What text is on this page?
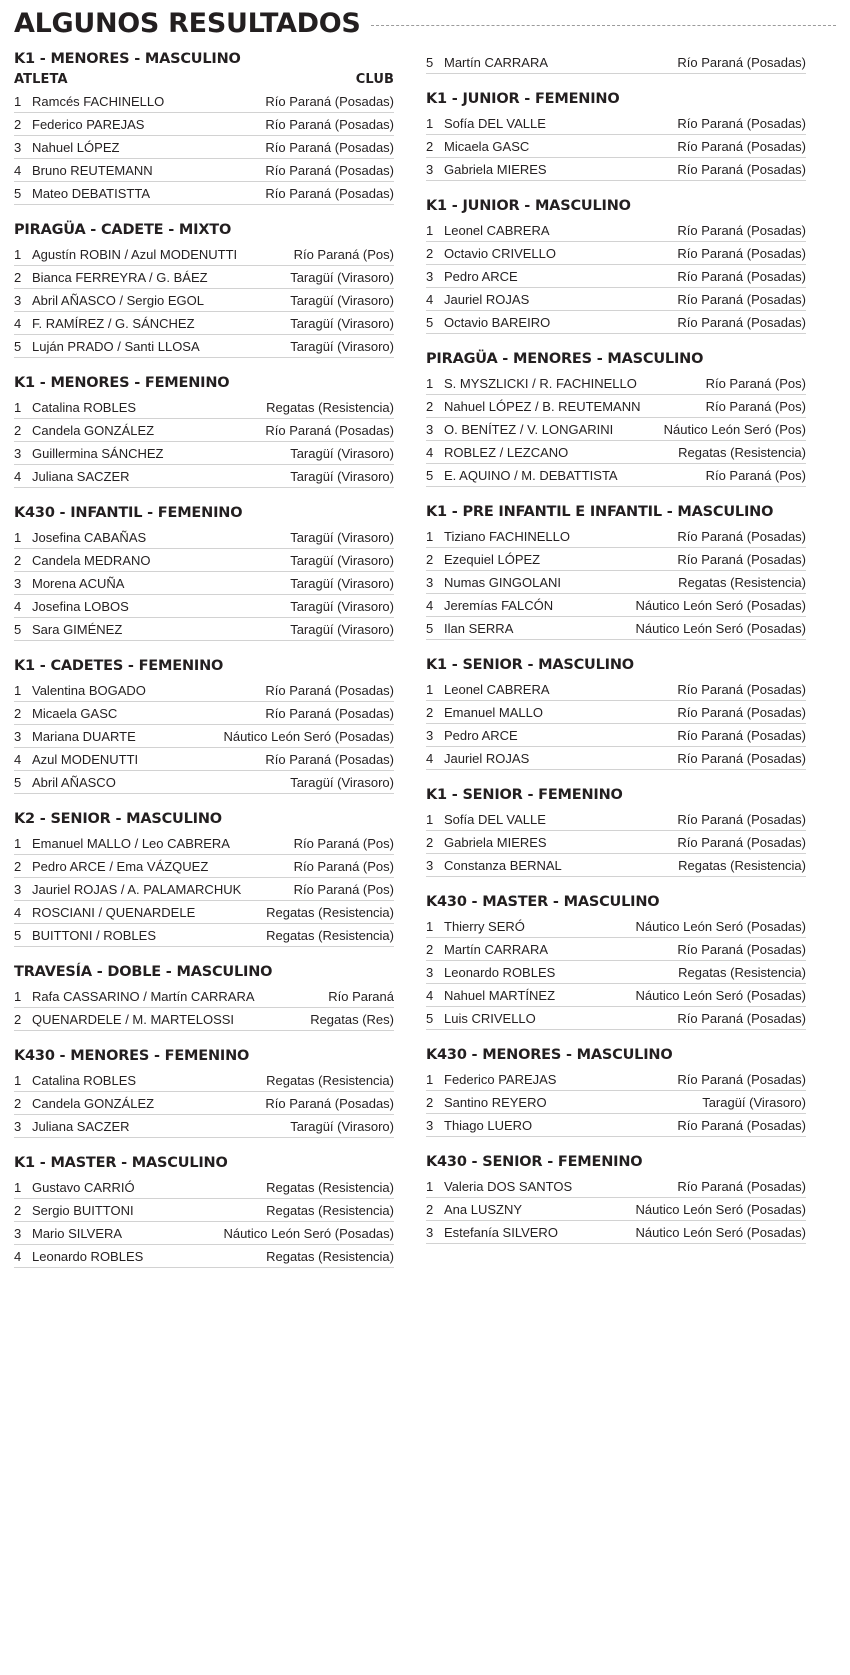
ALGUNOS RESULTADOS
K1 - MENORES - MASCULINO
ATLETA	CLUB
1 Ramcés FACHINELLO	Río Paraná (Posadas)
2 Federico PAREJAS	Río Paraná (Posadas)
3 Nahuel LÓPEZ	Río Paraná (Posadas)
4 Bruno REUTEMANN	Río Paraná (Posadas)
5 Mateo DEBATISTTA	Río Paraná (Posadas)
PIRAGÜA - CADETE - MIXTO
1 Agustín ROBIN / Azul MODENUTTI	Río Paraná (Pos)
2 Bianca FERREYRA / G. BÁEZ	Taragüí (Virasoro)
3 Abril AÑASCO / Sergio EGOL	Taragüí (Virasoro)
4 F. RAMÍREZ / G. SÁNCHEZ	Taragüí (Virasoro)
5 Luján PRADO / Santi LLOSA	Taragüí (Virasoro)
K1 - MENORES - FEMENINO
1 Catalina ROBLES	Regatas (Resistencia)
2 Candela GONZÁLEZ	Río Paraná (Posadas)
3 Guillermina SÁNCHEZ	Taragüí (Virasoro)
4 Juliana SACZER	Taragüí (Virasoro)
K430 - INFANTIL - FEMENINO
1 Josefina CABAÑAS	Taragüí (Virasoro)
2 Candela MEDRANO	Taragüí (Virasoro)
3 Morena ACUÑA	Taragüí (Virasoro)
4 Josefina LOBOS	Taragüí (Virasoro)
5 Sara GIMÉNEZ	Taragüí (Virasoro)
K1 - CADETES - FEMENINO
1 Valentina BOGADO	Río Paraná (Posadas)
2 Micaela GASC	Río Paraná (Posadas)
3 Mariana DUARTE	Náutico León Seró (Posadas)
4 Azul MODENUTTI	Río Paraná (Posadas)
5 Abril AÑASCO	Taragüí (Virasoro)
K2 - SENIOR - MASCULINO
1 Emanuel MALLO / Leo CABRERA	Río Paraná (Pos)
2 Pedro ARCE / Ema VÁZQUEZ	Río Paraná (Pos)
3 Jauriel ROJAS / A. PALAMARCHUK	Río Paraná (Pos)
4 ROSCIANI / QUENARDELE	Regatas (Resistencia)
5 BUITTONI / ROBLES	Regatas (Resistencia)
TRAVESÍA - DOBLE - MASCULINO
1 Rafa CASSARINO / Martín CARRARA	Río Paraná
2 QUENARDELE / M. MARTELOSSI	Regatas (Res)
K430 - MENORES - FEMENINO
1 Catalina ROBLES	Regatas (Resistencia)
2 Candela GONZÁLEZ	Río Paraná (Posadas)
3 Juliana SACZER	Taragüí (Virasoro)
K1 - MASTER - MASCULINO
1 Gustavo CARRIÓ	Regatas (Resistencia)
2 Sergio BUITTONI	Regatas (Resistencia)
3 Mario SILVERA	Náutico León Seró (Posadas)
4 Leonardo ROBLES	Regatas (Resistencia)
5 Martín CARRARA	Río Paraná (Posadas)
K1 - JUNIOR - FEMENINO
1 Sofía DEL VALLE	Río Paraná (Posadas)
2 Micaela GASC	Río Paraná (Posadas)
3 Gabriela MIERES	Río Paraná (Posadas)
K1 - JUNIOR - MASCULINO
1 Leonel CABRERA	Río Paraná (Posadas)
2 Octavio CRIVELLO	Río Paraná (Posadas)
3 Pedro ARCE	Río Paraná (Posadas)
4 Jauriel ROJAS	Río Paraná (Posadas)
5 Octavio BAREIRO	Río Paraná (Posadas)
PIRAGÜA - MENORES - MASCULINO
1 S. MYSZLICKI / R. FACHINELLO	Río Paraná (Pos)
2 Nahuel LÓPEZ / B. REUTEMANN	Río Paraná (Pos)
3 O. BENÍTEZ / V. LONGARINI	Náutico León Seró (Pos)
4 ROBLEZ / LEZCANO	Regatas (Resistencia)
5 E. AQUINO / M. DEBATTISTA	Río Paraná (Pos)
K1 - PRE INFANTIL E INFANTIL - MASCULINO
1 Tiziano FACHINELLO	Río Paraná (Posadas)
2 Ezequiel LÓPEZ	Río Paraná (Posadas)
3 Numas GINGOLANI	Regatas (Resistencia)
4 Jeremías FALCÓN	Náutico León Seró (Posadas)
5 Ilan SERRA	Náutico León Seró (Posadas)
K1 - SENIOR - MASCULINO
1 Leonel CABRERA	Río Paraná (Posadas)
2 Emanuel MALLO	Río Paraná (Posadas)
3 Pedro ARCE	Río Paraná (Posadas)
4 Jauriel ROJAS	Río Paraná (Posadas)
K1 - SENIOR - FEMENINO
1 Sofía DEL VALLE	Río Paraná (Posadas)
2 Gabriela MIERES	Río Paraná (Posadas)
3 Constanza BERNAL	Regatas (Resistencia)
K430 - MASTER - MASCULINO
1 Thierry SERÓ	Náutico León Seró (Posadas)
2 Martín CARRARA	Río Paraná (Posadas)
3 Leonardo ROBLES	Regatas (Resistencia)
4 Nahuel MARTÍNEZ	Náutico León Seró (Posadas)
5 Luis CRIVELLO	Río Paraná (Posadas)
K430 - MENORES - MASCULINO
1 Federico PAREJAS	Río Paraná (Posadas)
2 Santino REYERO	Taragüí (Virasoro)
3 Thiago LUERO	Río Paraná (Posadas)
K430 - SENIOR - FEMENINO
1 Valeria DOS SANTOS	Río Paraná (Posadas)
2 Ana LUSZNY	Náutico León Seró (Posadas)
3 Estefanía SILVERO	Náutico León Seró (Posadas)
